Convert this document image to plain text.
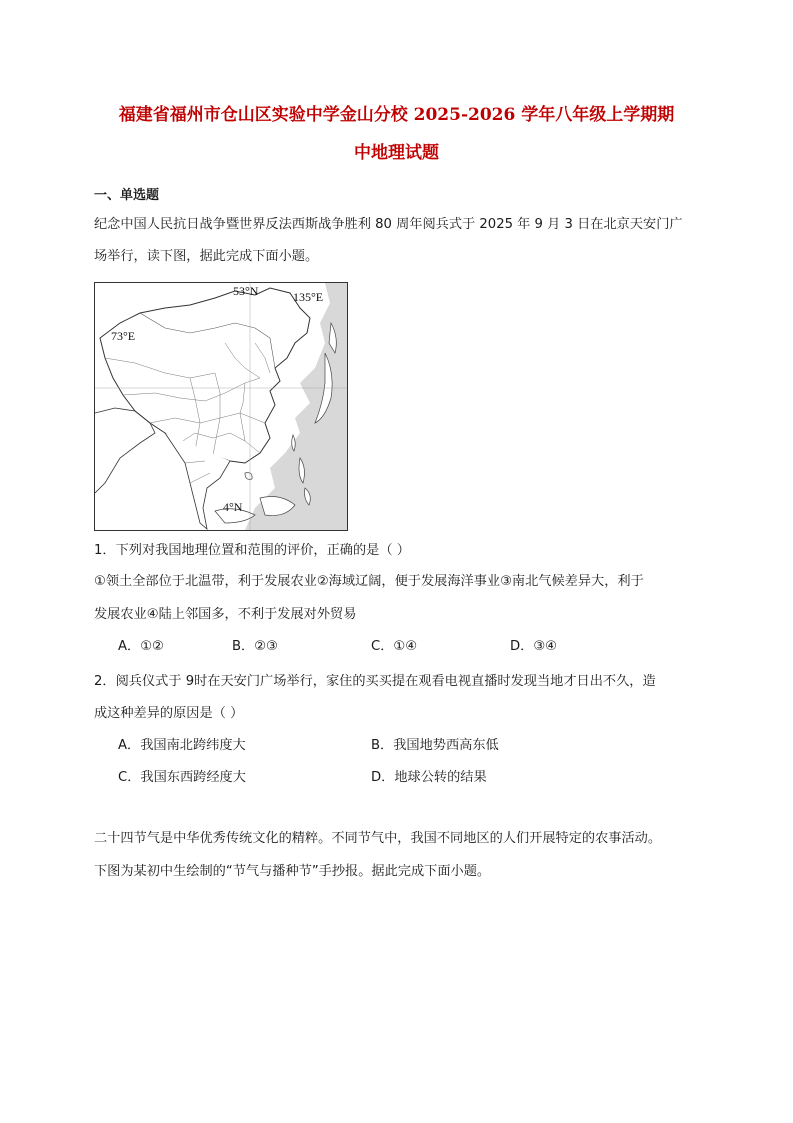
福建省福州市仓山区实验中学金山分校 2025-2026 学年八年级上学期期
中地理试题
一、单选题
纪念中国人民抗日战争暨世界反法西斯战争胜利 80 周年阅兵式于 2025 年 9 月 3 日在北京天安门广
场举行，读下图，据此完成下面小题。
53°N	135°E
73°E
4°N
1．下列对我国地理位置和范围的评价，正确的是（ ）
①领土全部位于北温带，利于发展农业②海域辽阔，便于发展海洋事业③南北气候差异大，利于
发展农业④陆上邻国多，不利于发展对外贸易
A．①②	B．②③	C．①④	D．③④
2．阅兵仪式于 9时在天安门广场举行，家住的买买提在观看电视直播时发现当地才日出不久，造
成这种差异的原因是（ ）
A．我国南北跨纬度大	B．我国地势西高东低
C．我国东西跨经度大	D．地球公转的结果
二十四节气是中华优秀传统文化的精粹。不同节气中，我国不同地区的人们开展特定的农事活动。
下图为某初中生绘制的“节气与播种节”手抄报。据此完成下面小题。
